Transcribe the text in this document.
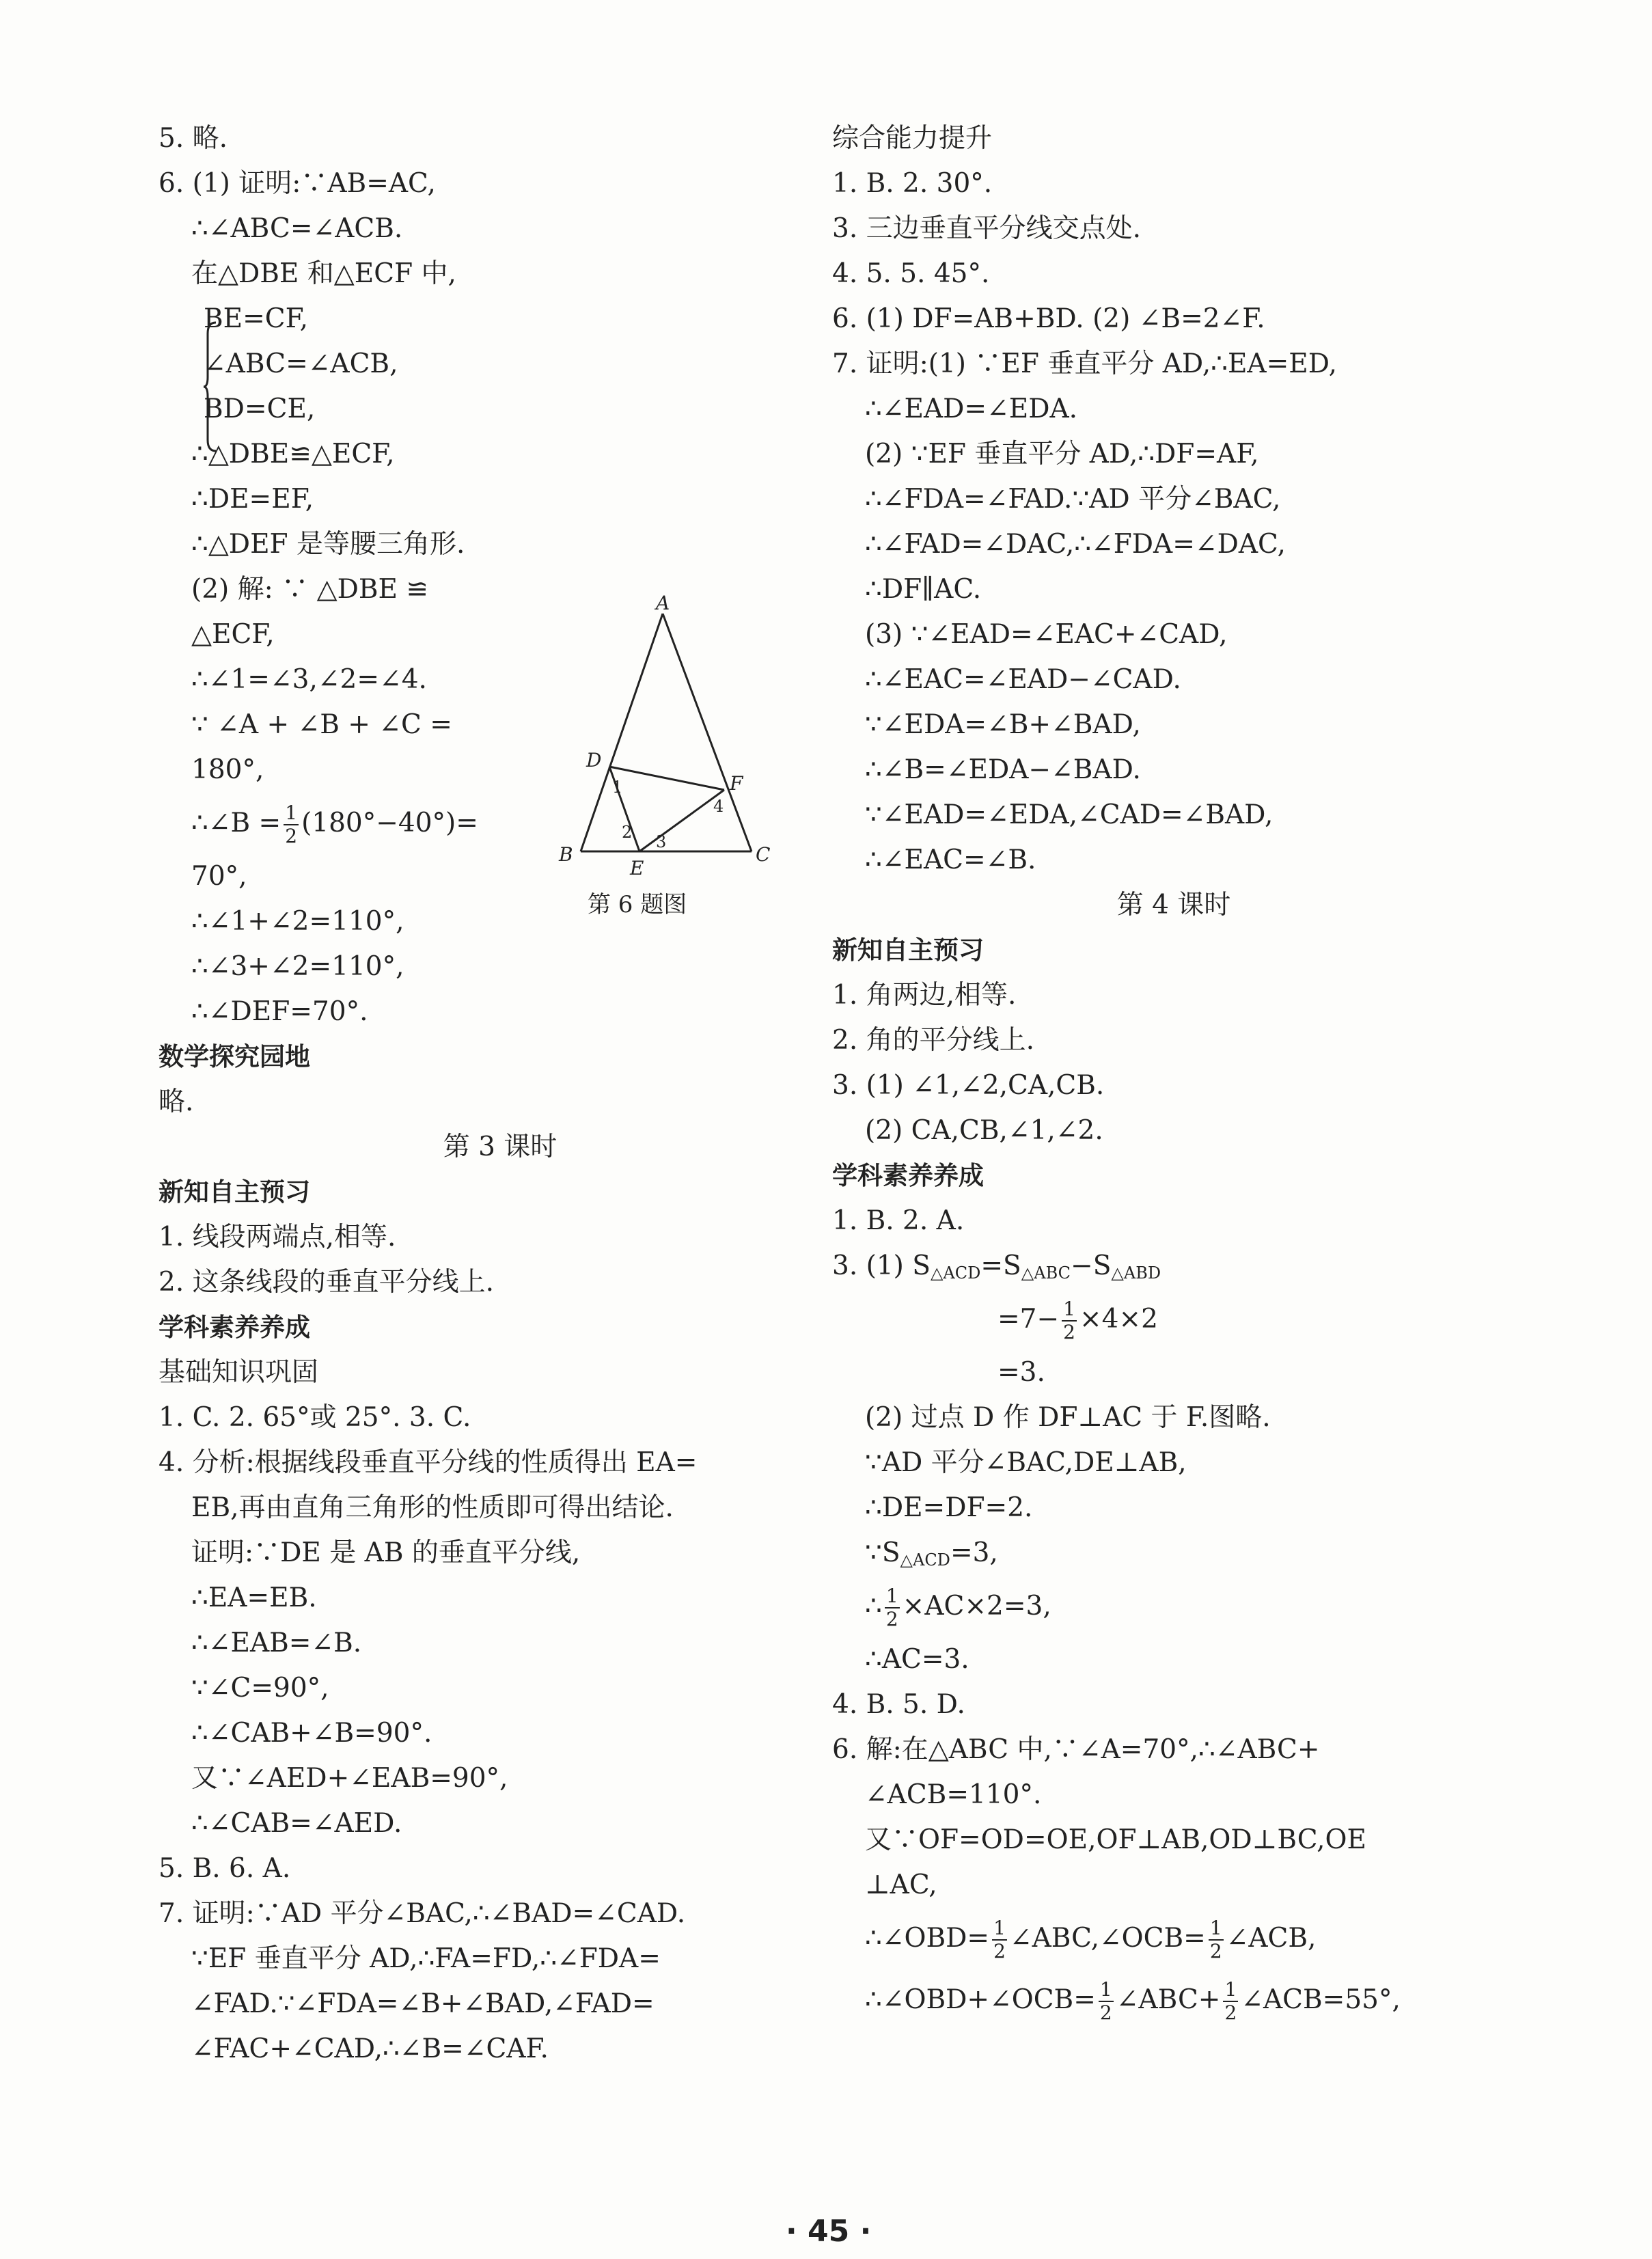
5. 略.
6. (1) 证明:∵AB=AC,
∴∠ABC=∠ACB.
在△DBE 和△ECF 中,
BE=CF,
∠ABC=∠ACB,
BD=CE,
∴△DBE≌△ECF,
∴DE=EF,
∴△DEF 是等腰三角形.
(2) 解: ∵ △DBE ≌
△ECF,
∴∠1=∠3,∠2=∠4.
∵ ∠A + ∠B + ∠C =
180°,
∴∠B = $\frac{1}{2} (180^\circ-40^\circ)=$
70°,
∴∠1+∠2=110°,
∴∠3+∠2=110°,
∴∠DEF=70°.
数学探究园地
略.
第 3 课时
新知自主预习
1. 线段两端点,相等.
2. 这条线段的垂直平分线上.
学科素养养成
基础知识巩固
1. C. 2. 65°或 25°. 3. C.
4. 分析:根据线段垂直平分线的性质得出 EA=
EB,再由直角三角形的性质即可得出结论.
证明:∵DE 是 AB 的垂直平分线,
∴EA=EB.
∴∠EAB=∠B.
∵∠C=90°,
∴∠CAB+∠B=90°.
又∵∠AED+∠EAB=90°,
∴∠CAB=∠AED.
5. B. 6. A.
7. 证明:∵AD 平分∠BAC,∴∠BAD=∠CAD.
∵EF 垂直平分 AD,∴FA=FD,∴∠FDA=
∠FAD.∵∠FDA=∠B+∠BAD,∠FAD=
∠FAC+∠CAD,∴∠B=∠CAF.
A
B	C
D
E
F
1
2 3
4
第 6 题图
综合能力提升
1. B. 2. 30°.
3. 三边垂直平分线交点处.
4. 5. 5. 45°.
6. (1) DF=AB+BD. (2) ∠B=2∠F.
7. 证明:(1) ∵EF 垂直平分 AD,∴EA=ED,
∴∠EAD=∠EDA.
(2) ∵EF 垂直平分 AD,∴DF=AF,
∴∠FDA=∠FAD.∵AD 平分∠BAC,
∴∠FAD=∠DAC,∴∠FDA=∠DAC,
∴DF∥AC.
(3) ∵∠EAD=∠EAC+∠CAD,
∴∠EAC=∠EAD−∠CAD.
∵∠EDA=∠B+∠BAD,
∴∠B=∠EDA−∠BAD.
∵∠EAD=∠EDA,∠CAD=∠BAD,
∴∠EAC=∠B.
第 4 课时
新知自主预习
1. 角两边,相等.
2. 角的平分线上.
3. (1) ∠1,∠2,CA,CB.
(2) CA,CB,∠1,∠2.
学科素养养成
1. B. 2. A.
3. (1) $S_{\triangle ACD}=S_{\triangle ABC}-S_{\triangle ABD}$
$=7- \frac{1}{2} \times 4\times 2$
=3.
(2) 过点 D 作 DF⊥AC 于 F.图略.
∵AD 平分∠BAC,DE⊥AB,
∴DE=DF=2.
$\because S_{\triangle ACD}=3$,
∴ $\frac{1}{2} \times AC\times 2=3$,
∴AC=3.
4. B. 5. D.
6. 解:在△ABC 中,∵∠A=70°,∴∠ABC+
∠ACB=110°.
又∵OF=OD=OE,OF⊥AB,OD⊥BC,OE
⊥AC,
∴∠OBD= $\frac{1}{2}$ ∠ABC,∠OCB= $\frac{1}{2}$ ∠ACB,
∴∠OBD+∠OCB= $\frac{1}{2}$ ∠ABC+ $\frac{1}{2}$ ∠ACB=55°,
· 45 ·
